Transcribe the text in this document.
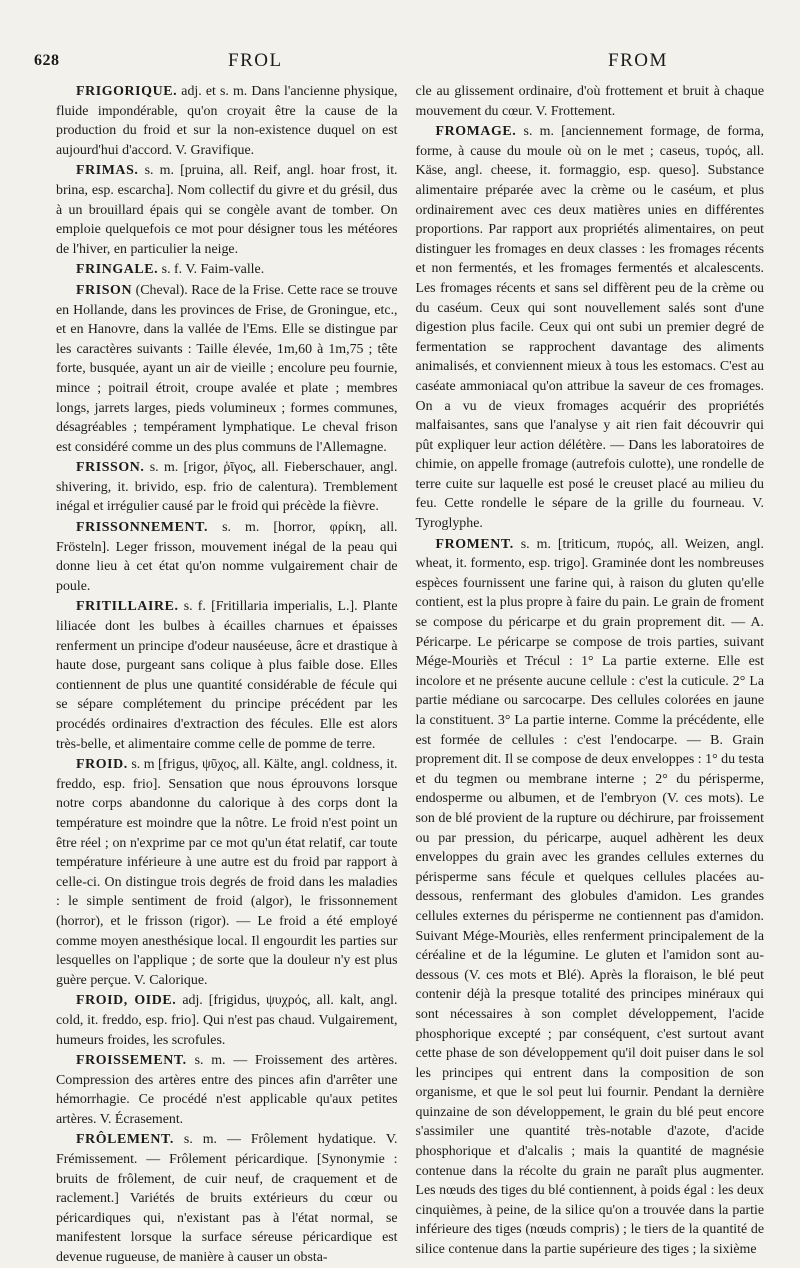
628	FROL	FROM

FRIGORIQUE. adj. et s. m. Dans l'ancienne physique, fluide impondérable, qu'on croyait être la cause de la production du froid et sur la non-existence duquel on est aujourd'hui d'accord. V. Gravifique.

FRIMAS. s. m. [pruina, all. Reif, angl. hoar frost, it. brina, esp. escarcha]. Nom collectif du givre et du grésil, dus à un brouillard épais qui se congèle avant de tomber. On emploie quelquefois ce mot pour désigner tous les météores de l'hiver, en particulier la neige.

FRINGALE. s. f. V. Faim-valle.

FRISON (Cheval). Race de la Frise. Cette race se trouve en Hollande, dans les provinces de Frise, de Groningue, etc., et en Hanovre, dans la vallée de l'Ems. Elle se distingue par les caractères suivants : Taille élevée, 1m,60 à 1m,75 ; tête forte, busquée, ayant un air de vieille ; encolure peu fournie, mince ; poitrail étroit, croupe avalée et plate ; membres longs, jarrets larges, pieds volumineux ; formes communes, désagréables ; tempérament lymphatique. Le cheval frison est considéré comme un des plus communs de l'Allemagne.

FRISSON. s. m. [rigor, ῥῖγος, all. Fieberschauer, angl. shivering, it. brivido, esp. frio de calentura). Tremblement inégal et irrégulier causé par le froid qui précède la fièvre.

FRISSONNEMENT. s. m. [horror, φρίκη, all. Frösteln]. Leger frisson, mouvement inégal de la peau qui donne lieu à cet état qu'on nomme vulgairement chair de poule.

FRITILLAIRE. s. f. [Fritillaria imperialis, L.]. Plante liliacée dont les bulbes à écailles charnues et épaisses renferment un principe d'odeur nauséeuse, âcre et drastique à haute dose, purgeant sans colique à plus faible dose. Elles contiennent de plus une quantité considérable de fécule qui se sépare complétement du principe précédent par les procédés ordinaires d'extraction des fécules. Elle est alors très-belle, et alimentaire comme celle de pomme de terre.

FROID. s. m [frigus, ψῦχος, all. Kälte, angl. coldness, it. freddo, esp. frio]. Sensation que nous éprouvons lorsque notre corps abandonne du calorique à des corps dont la température est moindre que la nôtre. Le froid n'est point un être réel ; on n'exprime par ce mot qu'un état relatif, car toute température inférieure à une autre est du froid par rapport à celle-ci. On distingue trois degrés de froid dans les maladies : le simple sentiment de froid (algor), le frissonnement (horror), et le frisson (rigor). — Le froid a été employé comme moyen anesthésique local. Il engourdit les parties sur lesquelles on l'applique ; de sorte que la douleur n'y est plus guère perçue. V. Calorique.

FROID, OIDE. adj. [frigidus, ψυχρός, all. kalt, angl. cold, it. freddo, esp. frio]. Qui n'est pas chaud. Vulgairement, humeurs froides, les scrofules.

FROISSEMENT. s. m. — Froissement des artères. Compression des artères entre des pinces afin d'arrêter une hémorrhagie. Ce procédé n'est applicable qu'aux petites artères. V. Écrasement.

FRÔLEMENT. s. m. — Frôlement hydatique. V. Frémissement. — Frôlement péricardique. [Synonymie : bruits de frôlement, de cuir neuf, de craquement et de raclement.] Variétés de bruits extérieurs du cœur ou péricardiques qui, n'existant pas à l'état normal, se manifestent lorsque la surface séreuse péricardique est devenue rugueuse, de manière à causer un obsta-

cle au glissement ordinaire, d'où frottement et bruit à chaque mouvement du cœur. V. Frottement.

FROMAGE. s. m. [anciennement formage, de forma, forme, à cause du moule où on le met ; caseus, τυρός, all. Käse, angl. cheese, it. formaggio, esp. queso]. Substance alimentaire préparée avec la crème ou le caséum, et plus ordinairement avec ces deux matières unies en différentes proportions. Par rapport aux propriétés alimentaires, on peut distinguer les fromages en deux classes : les fromages récents et non fermentés, et les fromages fermentés et alcalescents. Les fromages récents et sans sel diffèrent peu de la crème ou du caséum. Ceux qui sont nouvellement salés sont d'une digestion plus facile. Ceux qui ont subi un premier degré de fermentation se rapprochent davantage des aliments animalisés, et conviennent mieux à tous les estomacs. C'est au caséate ammoniacal qu'on attribue la saveur de ces fromages. On a vu de vieux fromages acquérir des propriétés malfaisantes, sans que l'analyse y ait rien fait découvrir qui pût expliquer leur action délétère. — Dans les laboratoires de chimie, on appelle fromage (autrefois culotte), une rondelle de terre cuite sur laquelle est posé le creuset placé au milieu du feu. Cette rondelle le sépare de la grille du fourneau. V. Tyroglyphe.

FROMENT. s. m. [triticum, πυρός, all. Weizen, angl. wheat, it. formento, esp. trigo]. Graminée dont les nombreuses espèces fournissent une farine qui, à raison du gluten qu'elle contient, est la plus propre à faire du pain. Le grain de froment se compose du péricarpe et du grain proprement dit. — A. Péricarpe. Le péricarpe se compose de trois parties, suivant Mége-Mouriès et Trécul : 1° La partie externe. Elle est incolore et ne présente aucune cellule : c'est la cuticule. 2° La partie médiane ou sarcocarpe. Des cellules colorées en jaune la constituent. 3° La partie interne. Comme la précédente, elle est formée de cellules : c'est l'endocarpe. — B. Grain proprement dit. Il se compose de deux enveloppes : 1° du testa et du tegmen ou membrane interne ; 2° du périsperme, endosperme ou albumen, et de l'embryon (V. ces mots). Le son de blé provient de la rupture ou déchirure, par froissement ou par pression, du péricarpe, auquel adhèrent les deux enveloppes du grain avec les grandes cellules externes du périsperme sans fécule et quelques cellules placées au-dessous, renfermant des globules d'amidon. Les grandes cellules externes du périsperme ne contiennent pas d'amidon. Suivant Mége-Mouriès, elles renferment principalement de la céréaline et de la légumine. Le gluten et l'amidon sont au-dessous (V. ces mots et Blé). Après la floraison, le blé peut contenir déjà la presque totalité des principes minéraux qui sont nécessaires à son complet développement, l'acide phosphorique excepté ; par conséquent, c'est surtout avant cette phase de son développement qu'il doit puiser dans le sol les principes qui entrent dans la composition de son organisme, et que le sol peut lui fournir. Pendant la dernière quinzaine de son développement, le grain du blé peut encore s'assimiler une quantité très-notable d'azote, d'acide phosphorique et d'alcalis ; mais la quantité de magnésie contenue dans la récolte du grain ne paraît plus augmenter. Les nœuds des tiges du blé contiennent, à poids égal : les deux cinquièmes, à peine, de la silice qu'on a trouvée dans la partie inférieure des tiges (nœuds compris) ; le tiers de la quantité de silice contenue dans la partie supérieure des tiges ; la sixième
